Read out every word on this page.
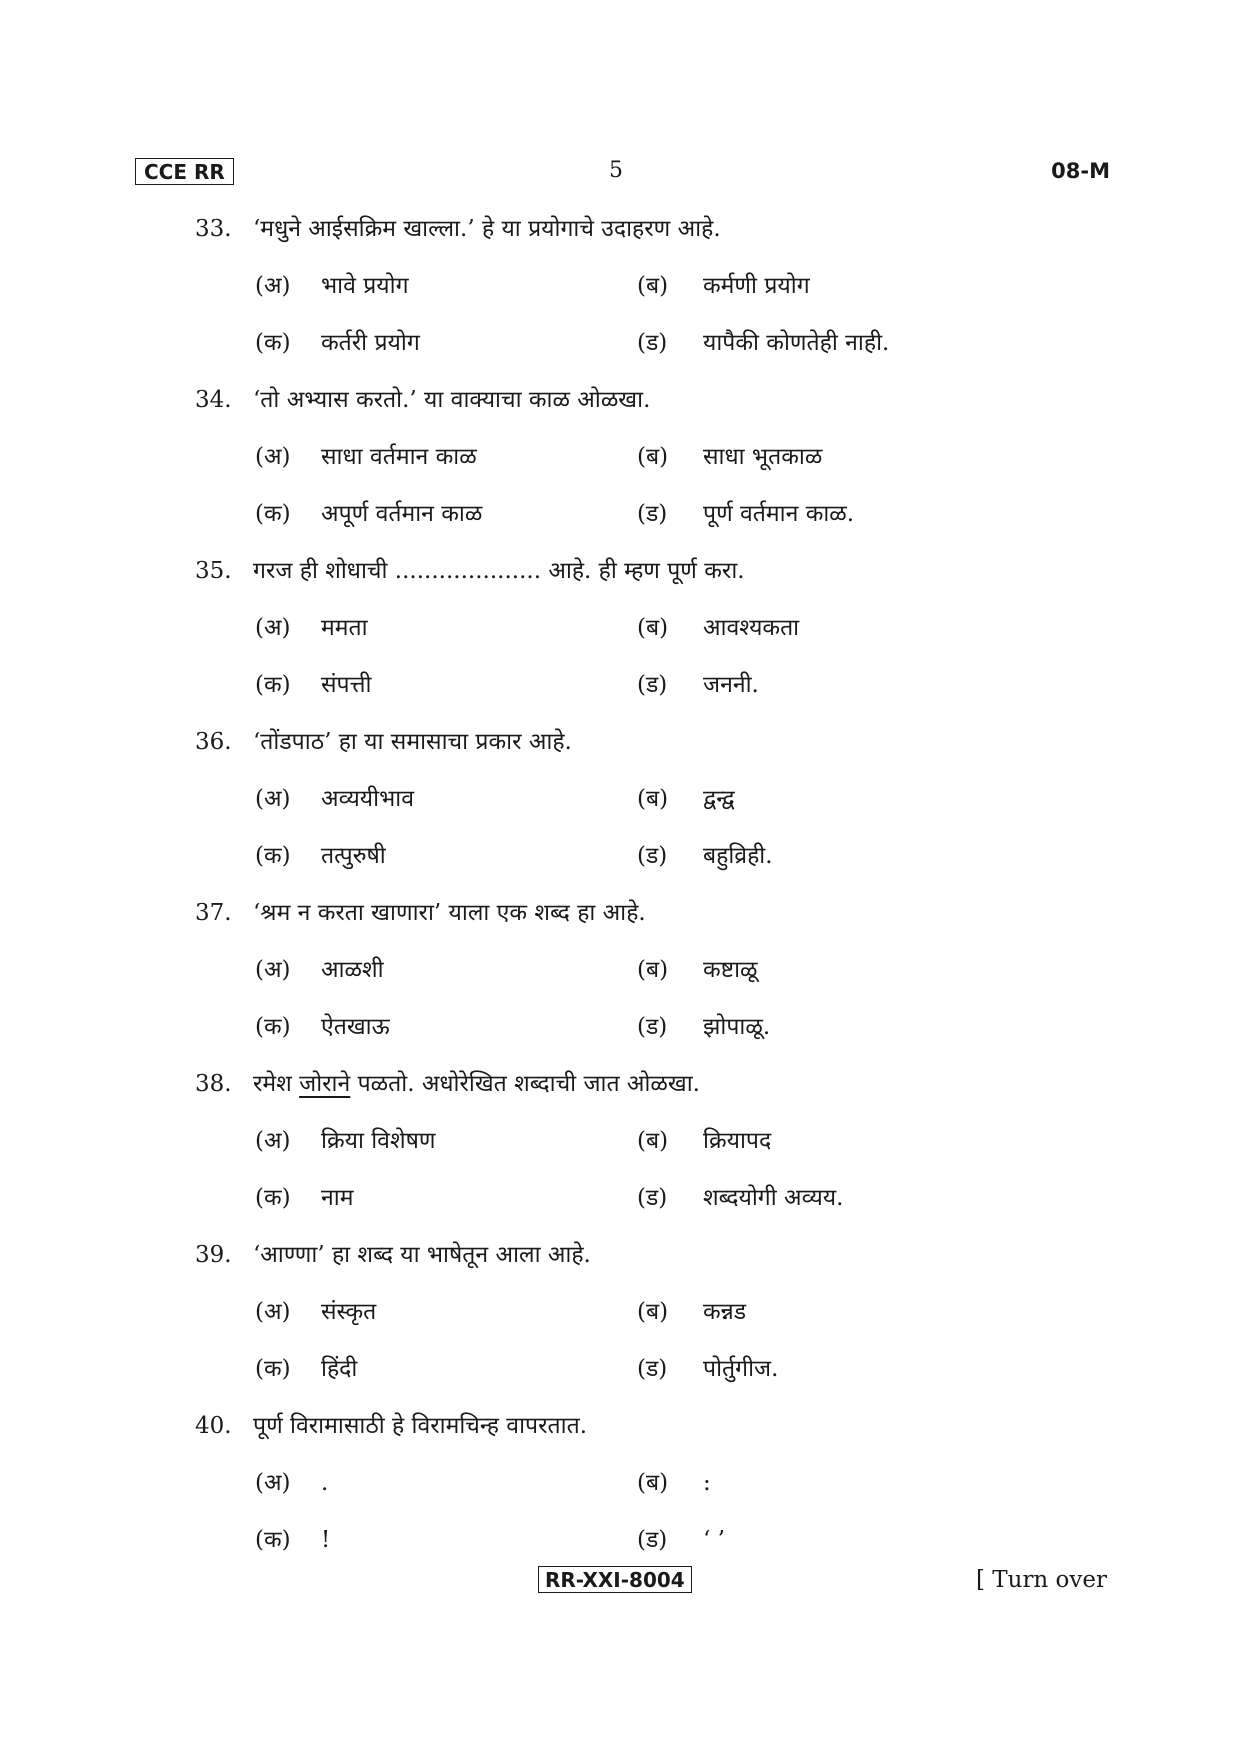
CCE RR	5	08-M
33. ‘मधुने आईसक्रिम खाल्ला.’ हे या प्रयोगाचे उदाहरण आहे.
(अ) भावे प्रयोग	(ब) कर्मणी प्रयोग
(क) कर्तरी प्रयोग	(ड) यापैकी कोणतेही नाही.
34. ‘तो अभ्यास करतो.’ या वाक्याचा काळ ओळखा.
(अ) साधा वर्तमान काळ	(ब) साधा भूतकाळ
(क) अपूर्ण वर्तमान काळ	(ड) पूर्ण वर्तमान काळ.
35. गरज ही शोधाची .................... आहे. ही म्हण पूर्ण करा.
(अ) ममता	(ब) आवश्यकता
(क) संपत्ती	(ड) जननी.
36. ‘तोंडपाठ’ हा या समासाचा प्रकार आहे.
(अ) अव्ययीभाव	(ब) द्वन्द्व
(क) तत्पुरुषी	(ड) बहुव्रिही.
37. ‘श्रम न करता खाणारा’ याला एक शब्द हा आहे.
(अ) आळशी	(ब) कष्टाळू
(क) ऐतखाऊ	(ड) झोपाळू.
38. रमेश जोराने पळतो. अधोरेखित शब्दाची जात ओळखा.
(अ) क्रिया विशेषण	(ब) क्रियापद
(क) नाम	(ड) शब्दयोगी अव्यय.
39. ‘आण्णा’ हा शब्द या भाषेतून आला आहे.
(अ) संस्कृत	(ब) कन्नड
(क) हिंदी	(ड) पोर्तुगीज.
40. पूर्ण विरामासाठी हे विरामचिन्ह वापरतात.
(अ) .	(ब) :
(क) !	(ड) ‘ ’
RR-XXI-8004	[ Turn over
